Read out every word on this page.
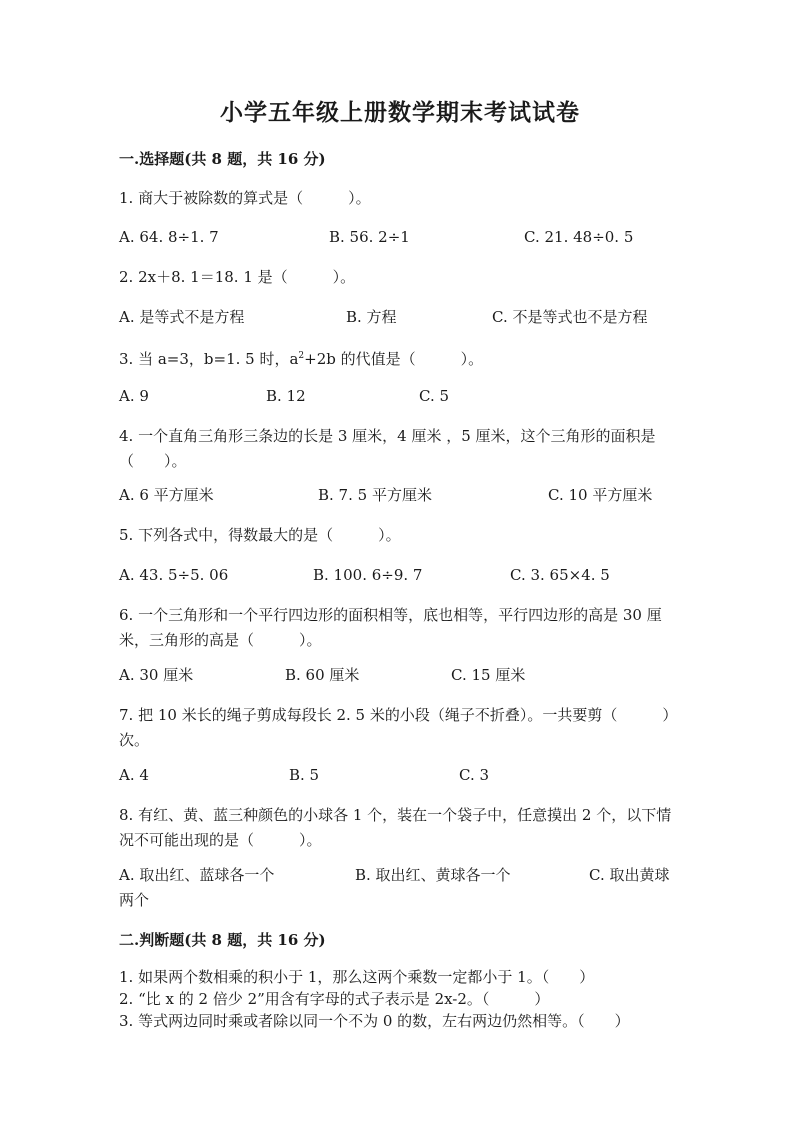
小学五年级上册数学期末考试试卷
一.选择题(共 8 题，共 16 分)
1. 商大于被除数的算式是（　　　）。
A. 64. 8÷1. 7	B. 56. 2÷1	C. 21. 48÷0. 5
2. 2x＋8. 1＝18. 1 是（　　　）。
A. 是等式不是方程	B. 方程	C. 不是等式也不是方程
3. 当 a=3，b=1. 5 时，$a^2+2b$ 的代值是（　　　）。
A. 9	B. 12	C. 5
4. 一个直角三角形三条边的长是 3 厘米，4 厘米 ，5 厘米，这个三角形的面积是（　　）。
A. 6 平方厘米	B. 7. 5 平方厘米	C. 10 平方厘米
5. 下列各式中，得数最大的是（　　　）。
A. 43. 5÷5. 06	B. 100. 6÷9. 7	C. 3. 65×4. 5
6. 一个三角形和一个平行四边形的面积相等，底也相等，平行四边形的高是 30 厘米，三角形的高是（　　　）。
A. 30 厘米	B. 60 厘米	C. 15 厘米
7. 把 10 米长的绳子剪成每段长 2. 5 米的小段（绳子不折叠）。一共要剪（　　　）次。
A. 4	B. 5	C. 3
8. 有红、黄、蓝三种颜色的小球各 1 个，装在一个袋子中，任意摸出 2 个，以下情况不可能出现的是（　　　）。
A. 取出红、蓝球各一个	B. 取出红、黄球各一个	C. 取出黄球两个
二.判断题(共 8 题，共 16 分)
1. 如果两个数相乘的积小于 1，那么这两个乘数一定都小于 1。（　　）
2. “比 x 的 2 倍少 2”用含有字母的式子表示是 2x-2。（　　　）
3. 等式两边同时乘或者除以同一个不为 0 的数，左右两边仍然相等。（　　）
